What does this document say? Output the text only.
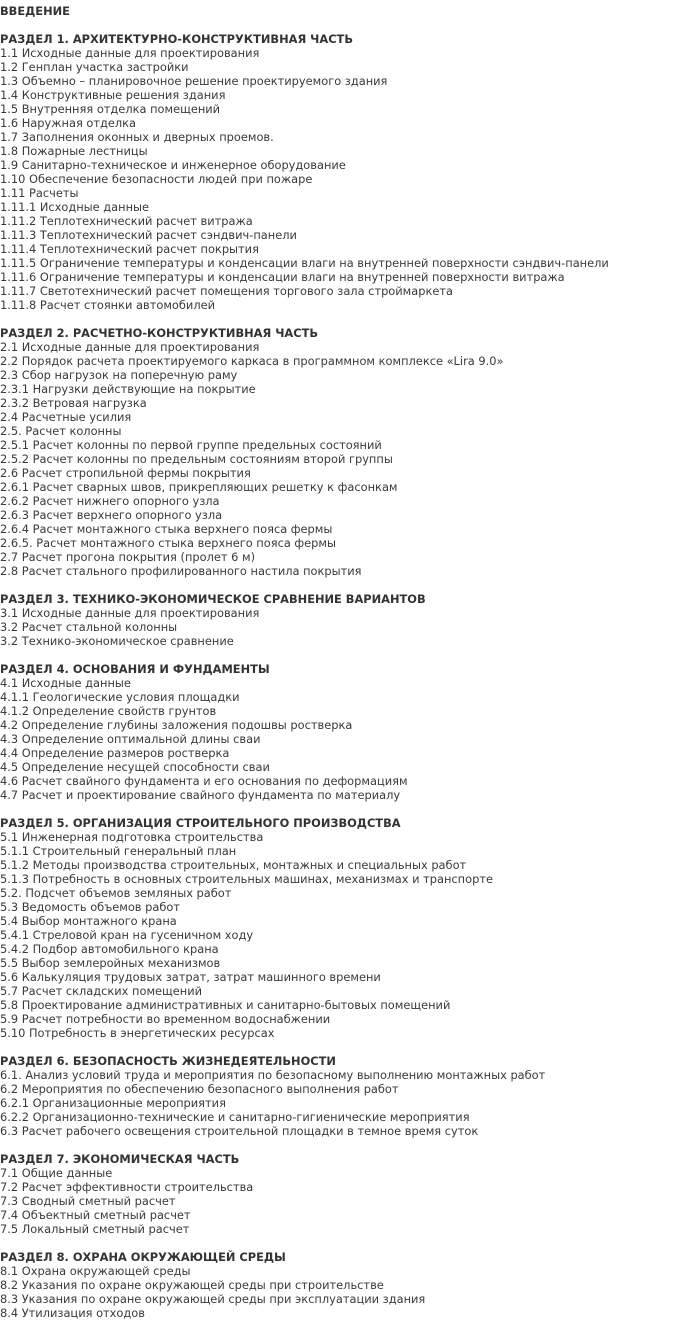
ВВЕДЕНИЕ
РАЗДЕЛ 1. АРХИТЕКТУРНО-КОНСТРУКТИВНАЯ ЧАСТЬ
1.1 Исходные данные для проектирования
1.2 Генплан участка застройки
1.3 Объемно – планировочное решение проектируемого здания
1.4 Конструктивные решения здания
1.5 Внутренняя отделка помещений
1.6 Наружная отделка
1.7 Заполнения оконных и дверных проемов.
1.8 Пожарные лестницы
1.9 Санитарно-техническое и инженерное оборудование
1.10 Обеспечение безопасности людей при пожаре
1.11 Расчеты
1.11.1 Исходные данные
1.11.2 Теплотехнический расчет витража
1.11.3 Теплотехнический расчет сэндвич-панели
1.11.4 Теплотехнический расчет покрытия
1.11.5 Ограничение температуры и конденсации влаги на внутренней поверхности сэндвич-панели
1.11.6 Ограничение температуры и конденсации влаги на внутренней поверхности витража
1.11.7 Светотехнический расчет помещения торгового зала строймаркета
1.11.8 Расчет стоянки автомобилей
РАЗДЕЛ 2. РАСЧЕТНО-КОНСТРУКТИВНАЯ ЧАСТЬ
2.1 Исходные данные для проектирования
2.2 Порядок расчета проектируемого каркаса в программном комплексе «Lira 9.0»
2.3 Сбор нагрузок на поперечную раму
2.3.1 Нагрузки действующие на покрытие
2.3.2 Ветровая нагрузка
2.4 Расчетные усилия
2.5. Расчет колонны
2.5.1 Расчет колонны по первой группе предельных состояний
2.5.2 Расчет колонны по предельным состояниям второй группы
2.6 Расчет стропильной фермы покрытия
2.6.1 Расчет сварных швов, прикрепляющих решетку к фасонкам
2.6.2 Расчет нижнего опорного узла
2.6.3 Расчет верхнего опорного узла
2.6.4 Расчет монтажного стыка верхнего пояса фермы
2.6.5. Расчет монтажного стыка верхнего пояса фермы
2.7 Расчет прогона покрытия (пролет 6 м)
2.8 Расчет стального профилированного настила покрытия
РАЗДЕЛ 3. ТЕХНИКО-ЭКОНОМИЧЕСКОЕ СРАВНЕНИЕ ВАРИАНТОВ
3.1 Исходные данные для проектирования
3.2 Расчет стальной колонны
3.2 Технико-экономическое сравнение
РАЗДЕЛ 4. ОСНОВАНИЯ И ФУНДАМЕНТЫ
4.1 Исходные данные
4.1.1 Геологические условия площадки
4.1.2 Определение свойств грунтов
4.2 Определение глубины заложения подошвы ростверка
4.3 Определение оптимальной длины сваи
4.4 Определение размеров ростверка
4.5 Определение несущей способности сваи
4.6 Расчет свайного фундамента и его основания по деформациям
4.7 Расчет и проектирование свайного фундамента по материалу
РАЗДЕЛ 5. ОРГАНИЗАЦИЯ СТРОИТЕЛЬНОГО ПРОИЗВОДСТВА
5.1 Инженерная подготовка строительства
5.1.1 Строительный генеральный план
5.1.2 Методы производства строительных, монтажных и специальных работ
5.1.3 Потребность в основных строительных машинах, механизмах и транспорте
5.2. Подсчет объемов земляных работ
5.3 Ведомость объемов работ
5.4 Выбор монтажного крана
5.4.1 Стреловой кран на гусеничном ходу
5.4.2 Подбор автомобильного крана
5.5 Выбор землеройных механизмов
5.6 Калькуляция трудовых затрат, затрат машинного времени
5.7 Расчет складских помещений
5.8 Проектирование административных и санитарно-бытовых помещений
5.9 Расчет потребности во временном водоснабжении
5.10 Потребность в энергетических ресурсах
РАЗДЕЛ 6. БЕЗОПАСНОСТЬ ЖИЗНЕДЕЯТЕЛЬНОСТИ
6.1. Анализ условий труда и мероприятия по безопасному выполнению монтажных работ
6.2 Мероприятия по обеспечению безопасного выполнения работ
6.2.1 Организационные мероприятия
6.2.2 Организационно-технические и санитарно-гигиенические мероприятия
6.3 Расчет рабочего освещения строительной площадки в темное время суток
РАЗДЕЛ 7. ЭКОНОМИЧЕСКАЯ ЧАСТЬ
7.1 Общие данные
7.2 Расчет эффективности строительства
7.3 Сводный сметный расчет
7.4 Объектный сметный расчет
7.5 Локальный сметный расчет
РАЗДЕЛ 8. ОХРАНА ОКРУЖАЮЩЕЙ СРЕДЫ
8.1 Охрана окружающей среды
8.2 Указания по охране окружающей среды при строительстве
8.3 Указания по охране окружающей среды при эксплуатации здания
8.4 Утилизация отходов
